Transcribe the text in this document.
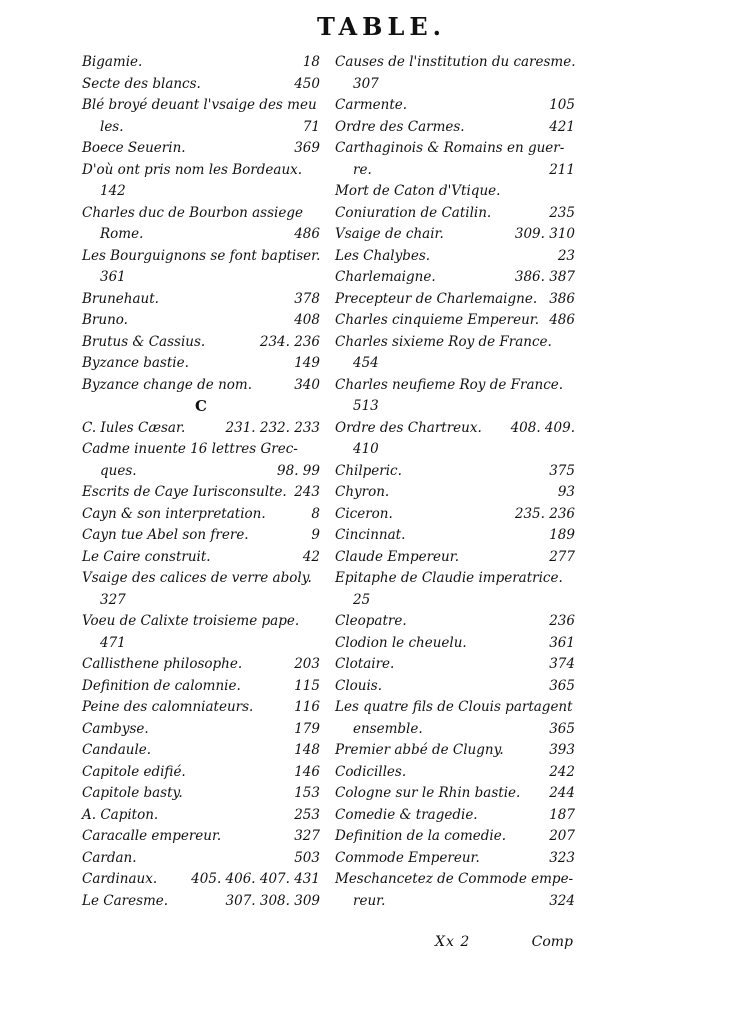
TABLE.
Bigamie.	18
Secte des blancs.	450
Blé broyé deuant l'vsaige des meu
les.	71
Boece Seuerin.	369
D'où ont pris nom les Bordeaux.
142
Charles duc de Bourbon assiege
Rome.	486
Les Bourguignons se font baptiser.
361
Brunehaut.	378
Bruno.	408
Brutus & Cassius.	234. 236
Byzance bastie.	149
Byzance change de nom.	340
C
C. Iules Cæsar.	231. 232. 233
Cadme inuente 16 lettres Grec-
ques.	98. 99
Escrits de Caye Iurisconsulte. 243
Cayn & son interpretation.	8
Cayn tue Abel son frere.	9
Le Caire construit.	42
Vsaige des calices de verre aboly.
327
Voeu de Calixte troisieme pape.
471
Callisthene philosophe.	203
Definition de calomnie.	115
Peine des calomniateurs.	116
Cambyse.	179
Candaule.	148
Capitole edifié.	146
Capitole basty.	153
A. Capiton.	253
Caracalle empereur.	327
Cardan.	503
Cardinaux.	405. 406. 407. 431
Le Caresme.	307. 308. 309
Causes de l'institution du caresme.
307
Carmente.	105
Ordre des Carmes.	421
Carthaginois & Romains en guer-
re.	211
Mort de Caton d'Vtique.
Coniuration de Catilin.	235
Vsaige de chair.	309. 310
Les Chalybes.	23
Charlemaigne.	386. 387
Precepteur de Charlemaigne. 386
Charles cinquieme Empereur. 486
Charles sixieme Roy de France.
454
Charles neufieme Roy de France.
513
Ordre des Chartreux. 408. 409.
410
Chilperic.	375
Chyron.	93
Ciceron.	235. 236
Cincinnat.	189
Claude Empereur.	277
Epitaphe de Claudie imperatrice.
25
Cleopatre.	236
Clodion le cheuelu.	361
Clotaire.	374
Clouis.	365
Les quatre fils de Clouis partagent
ensemble.	365
Premier abbé de Clugny.	393
Codicilles.	242
Cologne sur le Rhin bastie. 244
Comedie & tragedie.	187
Definition de la comedie.	207
Commode Empereur.	323
Meschancetez de Commode empe-
reur.	324
Xx 2	Comp
